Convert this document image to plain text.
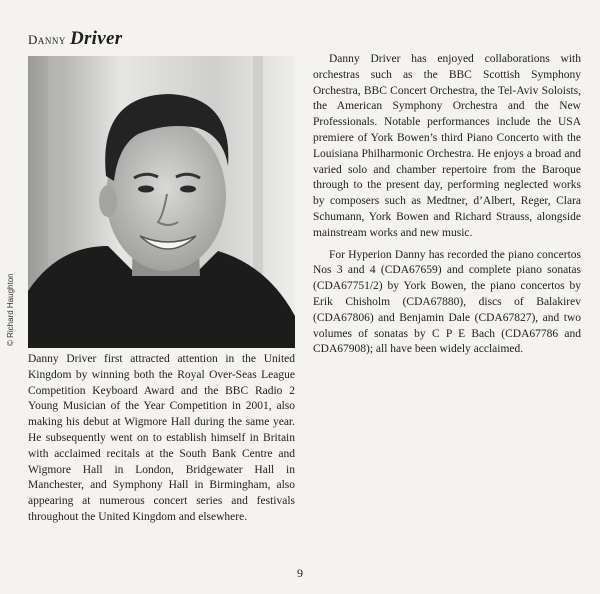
Danny Driver
© Richard Haughton

Danny Driver first attracted attention in the United Kingdom by winning both the Royal Over-Seas League Competition Keyboard Award and the BBC Radio 2 Young Musician of the Year Competition in 2001, also making his debut at Wigmore Hall during the same year. He subsequently went on to establish himself in Britain with acclaimed recitals at the South Bank Centre and Wigmore Hall in London, Bridgewater Hall in Manchester, and Symphony Hall in Birmingham, also appearing at numerous concert series and festivals throughout the United Kingdom and elsewhere.

Danny Driver has enjoyed collaborations with orchestras such as the BBC Scottish Symphony Orchestra, BBC Concert Orchestra, the Tel-Aviv Soloists, the American Symphony Orchestra and the New Professionals. Notable performances include the USA premiere of York Bowen’s third Piano Concerto with the Louisiana Philharmonic Orchestra. He enjoys a broad and varied solo and chamber repertoire from the Baroque through to the present day, performing neglected works by composers such as Medtner, d’Albert, Reger, Clara Schumann, York Bowen and Richard Strauss, alongside mainstream works and new music.

For Hyperion Danny has recorded the piano concertos Nos 3 and 4 (CDA67659) and complete piano sonatas (CDA67751/2) by York Bowen, the piano concertos by Erik Chisholm (CDA67880), discs of Balakirev (CDA67806) and Benjamin Dale (CDA67827), and two volumes of sonatas by C P E Bach (CDA67786 and CDA67908); all have been widely acclaimed.

9
